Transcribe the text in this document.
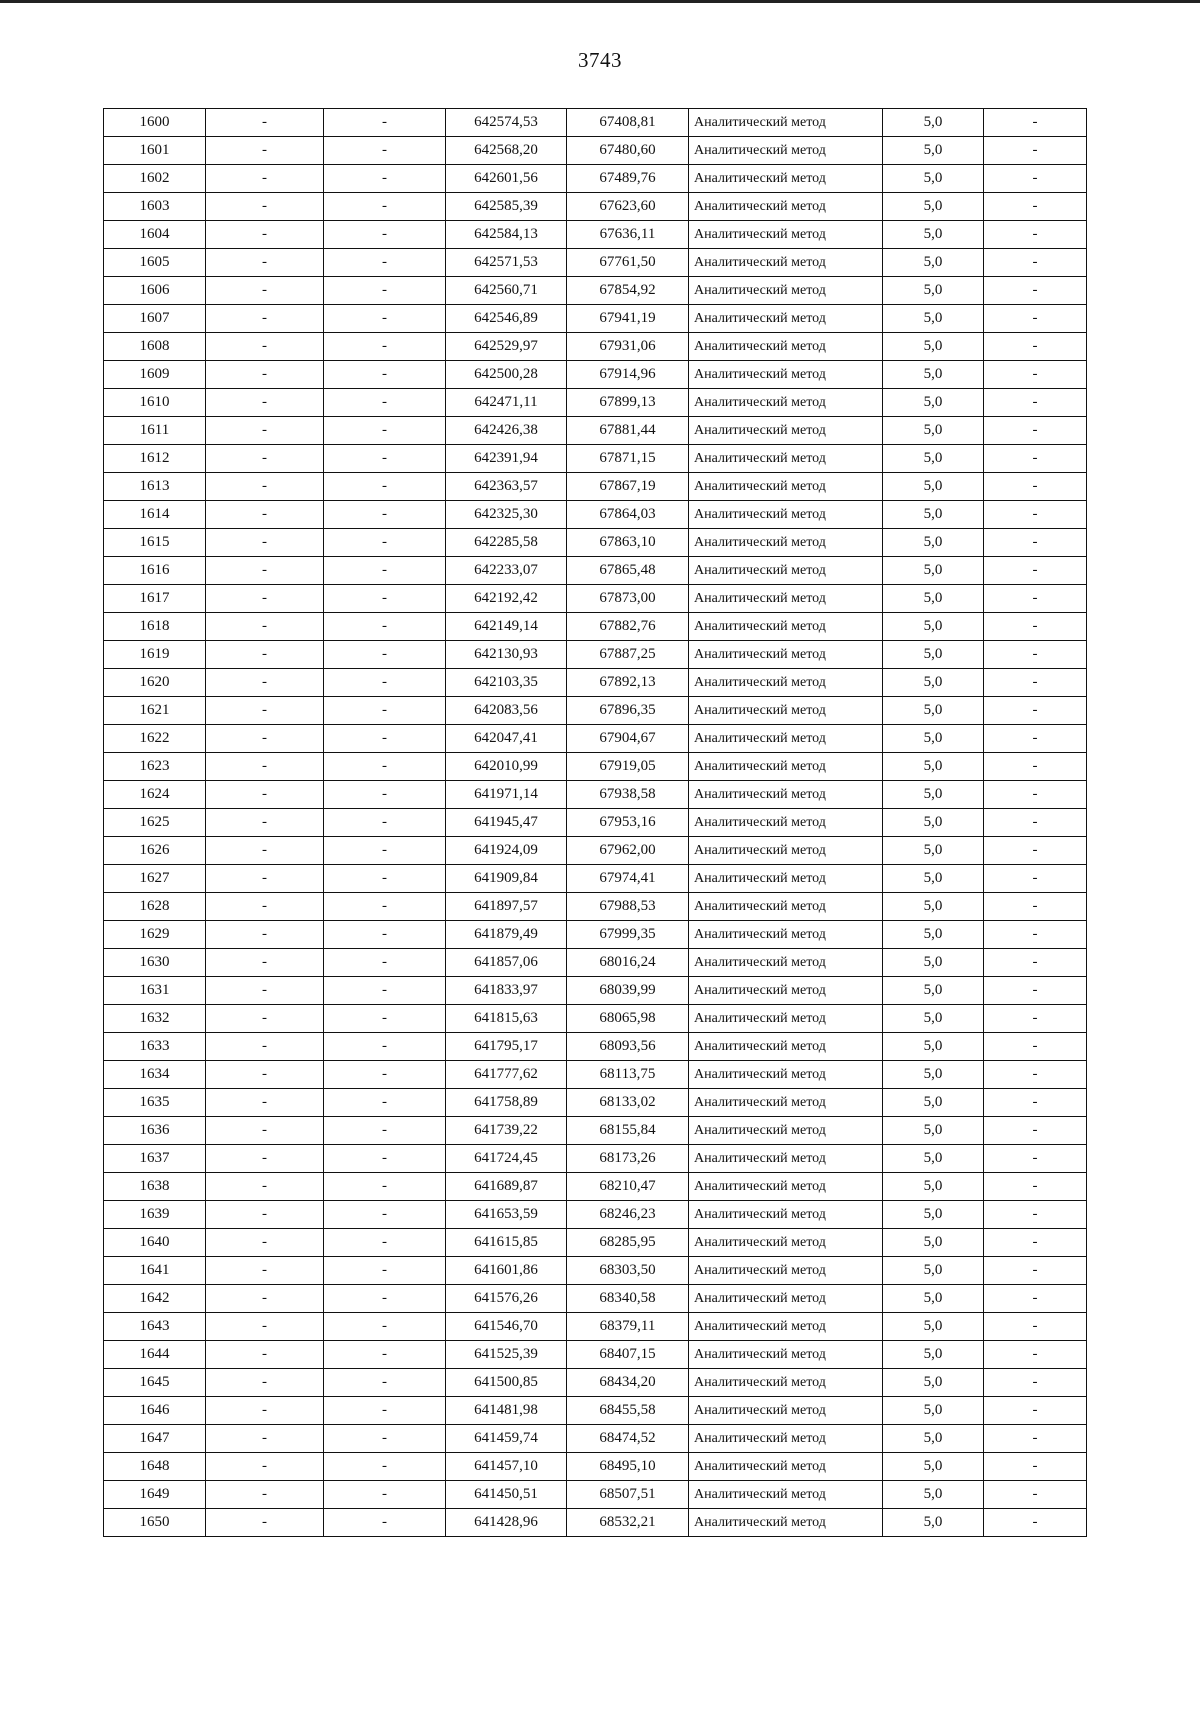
3743
1600	-	-	642574,53	67408,81	Аналитический метод	5,0	-
1601	-	-	642568,20	67480,60	Аналитический метод	5,0	-
1602	-	-	642601,56	67489,76	Аналитический метод	5,0	-
1603	-	-	642585,39	67623,60	Аналитический метод	5,0	-
1604	-	-	642584,13	67636,11	Аналитический метод	5,0	-
1605	-	-	642571,53	67761,50	Аналитический метод	5,0	-
1606	-	-	642560,71	67854,92	Аналитический метод	5,0	-
1607	-	-	642546,89	67941,19	Аналитический метод	5,0	-
1608	-	-	642529,97	67931,06	Аналитический метод	5,0	-
1609	-	-	642500,28	67914,96	Аналитический метод	5,0	-
1610	-	-	642471,11	67899,13	Аналитический метод	5,0	-
1611	-	-	642426,38	67881,44	Аналитический метод	5,0	-
1612	-	-	642391,94	67871,15	Аналитический метод	5,0	-
1613	-	-	642363,57	67867,19	Аналитический метод	5,0	-
1614	-	-	642325,30	67864,03	Аналитический метод	5,0	-
1615	-	-	642285,58	67863,10	Аналитический метод	5,0	-
1616	-	-	642233,07	67865,48	Аналитический метод	5,0	-
1617	-	-	642192,42	67873,00	Аналитический метод	5,0	-
1618	-	-	642149,14	67882,76	Аналитический метод	5,0	-
1619	-	-	642130,93	67887,25	Аналитический метод	5,0	-
1620	-	-	642103,35	67892,13	Аналитический метод	5,0	-
1621	-	-	642083,56	67896,35	Аналитический метод	5,0	-
1622	-	-	642047,41	67904,67	Аналитический метод	5,0	-
1623	-	-	642010,99	67919,05	Аналитический метод	5,0	-
1624	-	-	641971,14	67938,58	Аналитический метод	5,0	-
1625	-	-	641945,47	67953,16	Аналитический метод	5,0	-
1626	-	-	641924,09	67962,00	Аналитический метод	5,0	-
1627	-	-	641909,84	67974,41	Аналитический метод	5,0	-
1628	-	-	641897,57	67988,53	Аналитический метод	5,0	-
1629	-	-	641879,49	67999,35	Аналитический метод	5,0	-
1630	-	-	641857,06	68016,24	Аналитический метод	5,0	-
1631	-	-	641833,97	68039,99	Аналитический метод	5,0	-
1632	-	-	641815,63	68065,98	Аналитический метод	5,0	-
1633	-	-	641795,17	68093,56	Аналитический метод	5,0	-
1634	-	-	641777,62	68113,75	Аналитический метод	5,0	-
1635	-	-	641758,89	68133,02	Аналитический метод	5,0	-
1636	-	-	641739,22	68155,84	Аналитический метод	5,0	-
1637	-	-	641724,45	68173,26	Аналитический метод	5,0	-
1638	-	-	641689,87	68210,47	Аналитический метод	5,0	-
1639	-	-	641653,59	68246,23	Аналитический метод	5,0	-
1640	-	-	641615,85	68285,95	Аналитический метод	5,0	-
1641	-	-	641601,86	68303,50	Аналитический метод	5,0	-
1642	-	-	641576,26	68340,58	Аналитический метод	5,0	-
1643	-	-	641546,70	68379,11	Аналитический метод	5,0	-
1644	-	-	641525,39	68407,15	Аналитический метод	5,0	-
1645	-	-	641500,85	68434,20	Аналитический метод	5,0	-
1646	-	-	641481,98	68455,58	Аналитический метод	5,0	-
1647	-	-	641459,74	68474,52	Аналитический метод	5,0	-
1648	-	-	641457,10	68495,10	Аналитический метод	5,0	-
1649	-	-	641450,51	68507,51	Аналитический метод	5,0	-
1650	-	-	641428,96	68532,21	Аналитический метод	5,0	-
